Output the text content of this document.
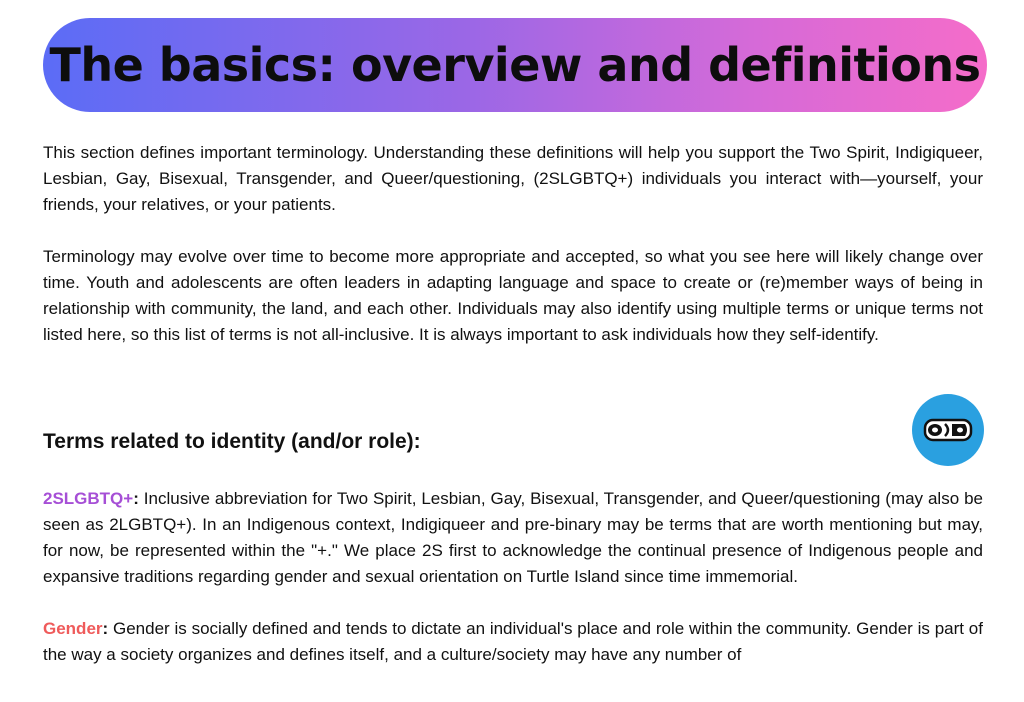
The basics: overview and definitions

This section defines important terminology. Understanding these definitions will help you support the Two Spirit, Indigiqueer, Lesbian, Gay, Bisexual, Transgender, and Queer/questioning, (2SLGBTQ+) individuals you interact with—yourself, your friends, your relatives, or your patients.

Terminology may evolve over time to become more appropriate and accepted, so what you see here will likely change over time. Youth and adolescents are often leaders in adapting language and space to create or (re)member ways of being in relationship with community, the land, and each other. Individuals may also identify using multiple terms or unique terms not listed here, so this list of terms is not all-inclusive. It is always important to ask individuals how they self-identify.

Terms related to identity (and/or role):

2SLGBTQ+: Inclusive abbreviation for Two Spirit, Lesbian, Gay, Bisexual, Transgender, and Queer/questioning (may also be seen as 2LGBTQ+). In an Indigenous context, Indigiqueer and pre-binary may be terms that are worth mentioning but may, for now, be represented within the "+." We place 2S first to acknowledge the continual presence of Indigenous people and expansive traditions regarding gender and sexual orientation on Turtle Island since time immemorial.

Gender: Gender is socially defined and tends to dictate an individual's place and role within the community. Gender is part of the way a society organizes and defines itself, and a culture/society may have any number of
